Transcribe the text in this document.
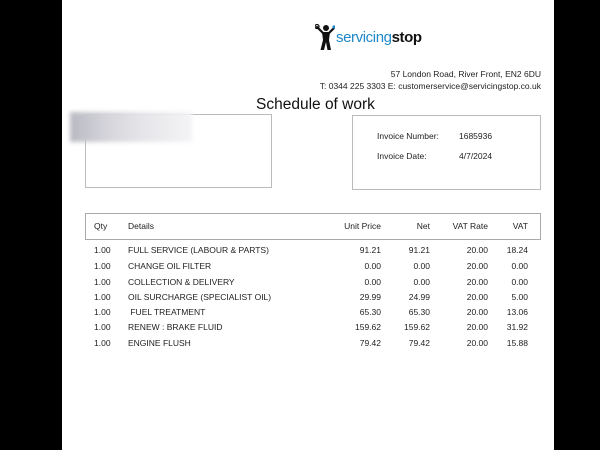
servicingstop
57 London Road, River Front, EN2 6DU
T: 0344 225 3303 E: customerservice@servicingstop.co.uk
Schedule of work
Invoice Number: 1685936
Invoice Date:	4/7/2024
Qty Details	Unit Price	Net	VAT Rate	VAT
1.00 FULL SERVICE (LABOUR & PARTS)	91.21	91.21	20.00 18.24
1.00 CHANGE OIL FILTER	0.00	0.00	20.00	0.00
1.00 COLLECTION & DELIVERY	0.00	0.00	20.00	0.00
1.00 OIL SURCHARGE (SPECIALIST OIL)	29.99	24.99	20.00	5.00
1.00 FUEL TREATMENT	65.30	65.30	20.00 13.06
1.00 RENEW : BRAKE FLUID	159.62	159.62	20.00 31.92
1.00 ENGINE FLUSH	79.42	79.42	20.00 15.88
